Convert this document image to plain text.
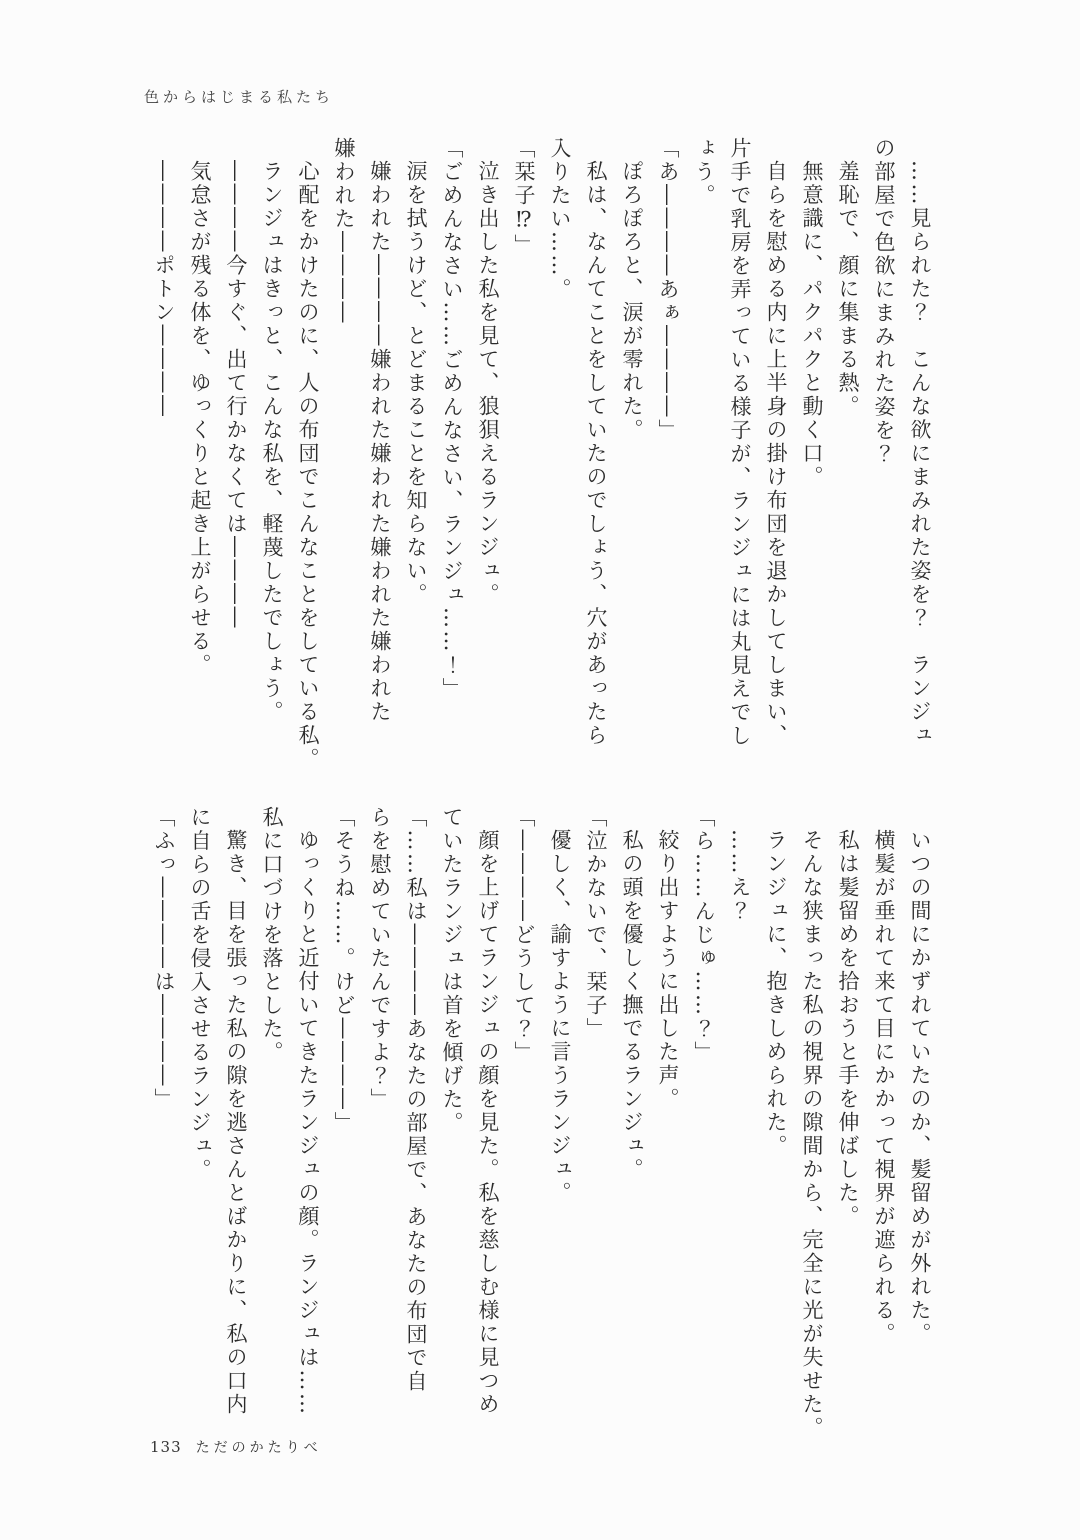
色からはじまる私たち

……見られた？　こんな欲にまみれた姿を？　ランジュ

の部屋で色欲にまみれた姿を？

羞恥で、顔に集まる熱。

無意識に、パクパクと動く口。

自らを慰める内に上半身の掛け布団を退かしてしまい、

片手で乳房を弄っている様子が、ランジュには丸見えでし

ょう。

「あ――――あぁ――――」

ぽろぽろと、涙が零れた。

私は、なんてことをしていたのでしょう、穴があったら

入りたい……。

「栞子⁉」

泣き出した私を見て、狼狽えるランジュ。

「ごめんなさい……ごめんなさい、ランジュ……！」

涙を拭うけど、とどまることを知らない。

嫌われた――――嫌われた嫌われた嫌われた嫌われた

嫌われた――――

心配をかけたのに、人の布団でこんなことをしている私。

ランジュはきっと、こんな私を、軽蔑したでしょう。

――――今すぐ、出て行かなくては――――

気怠さが残る体を、ゆっくりと起き上がらせる。

――――ポトン――――

いつの間にかずれていたのか、髪留めが外れた。

横髪が垂れて来て目にかかって視界が遮られる。

私は髪留めを拾おうと手を伸ばした。

そんな狭まった私の視界の隙間から、完全に光が失せた。

ランジュに、抱きしめられた。

……え？

「ら……んじゅ……？」

絞り出すように出した声。

私の頭を優しく撫でるランジュ。

「泣かないで、栞子」

優しく、諭すように言うランジュ。

「――――どうして？」

顔を上げてランジュの顔を見た。私を慈しむ様に見つめ

ていたランジュは首を傾げた。

「……私は――――あなたの部屋で、あなたの布団で自

らを慰めていたんですよ？」

「そうね……。けど――――」

ゆっくりと近付いてきたランジュの顔。ランジュは……

私に口づけを落とした。

驚き、目を張った私の隙を逃さんとばかりに、私の口内

に自らの舌を侵入させるランジュ。

「ふっ――――は――――」

133 ただのかたりべ
